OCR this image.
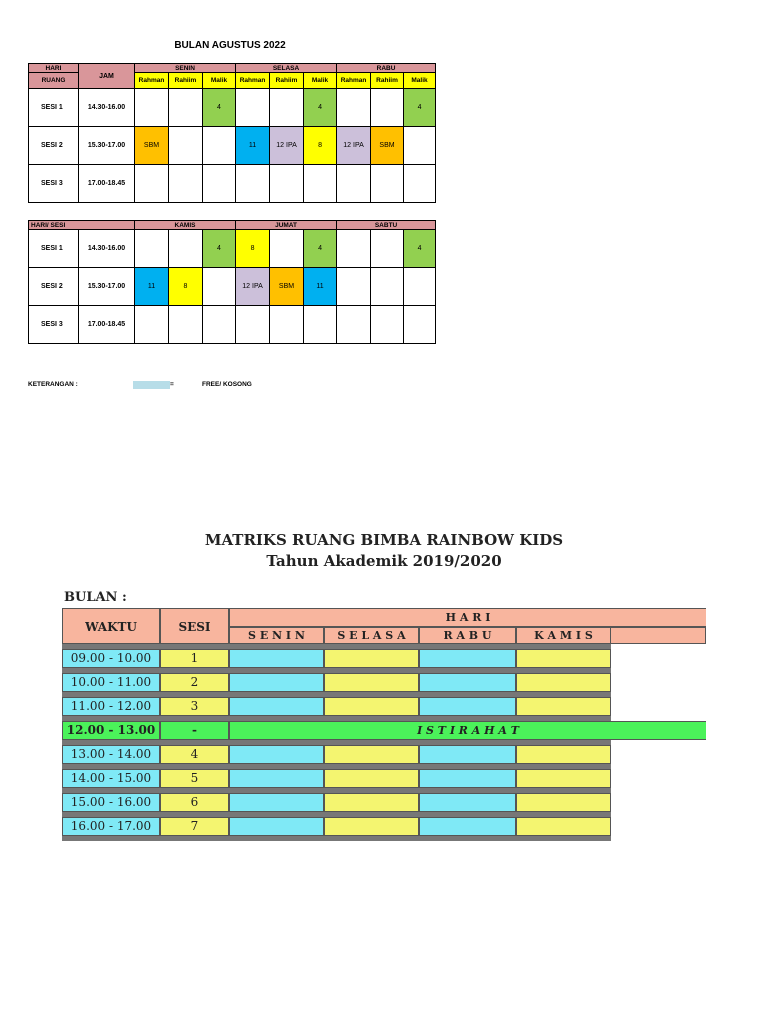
BULAN AGUSTUS 2022
HARI	JAM	SENIN			SELASA			RABU		
RUANG		Rahman	Rahiim	Malik	Rahman	Rahiim	Malik	Rahman	Rahiim	Malik
SESI 1	14.30-16.00			4			4			4
SESI 2	15.30-17.00	SBM			11	12 IPA	8	12 IPA	SBM	
SESI 3	17.00-18.45									
HARI/ SESI		KAMIS			JUMAT			SABTU		
SESI 1	14.30-16.00			4	8		4			4
SESI 2	15.30-17.00	11	8		12 IPA	SBM	11			
SESI 3	17.00-18.45									
KETERANGAN :	=	FREE/ KOSONG
MATRIKS RUANG BIMBA RAINBOW KIDS
Tahun Akademik 2019/2020
BULAN :
WAKTU	SESI
H A R I
S E N I N	S E L A S A	R A B U	K A M I S
09.00 - 10.00	1
10.00 - 11.00	2
11.00 - 12.00	3
12.00 - 13.00	-	I S T I R A H A T
13.00 - 14.00	4
14.00 - 15.00	5
15.00 - 16.00	6
16.00 - 17.00	7
